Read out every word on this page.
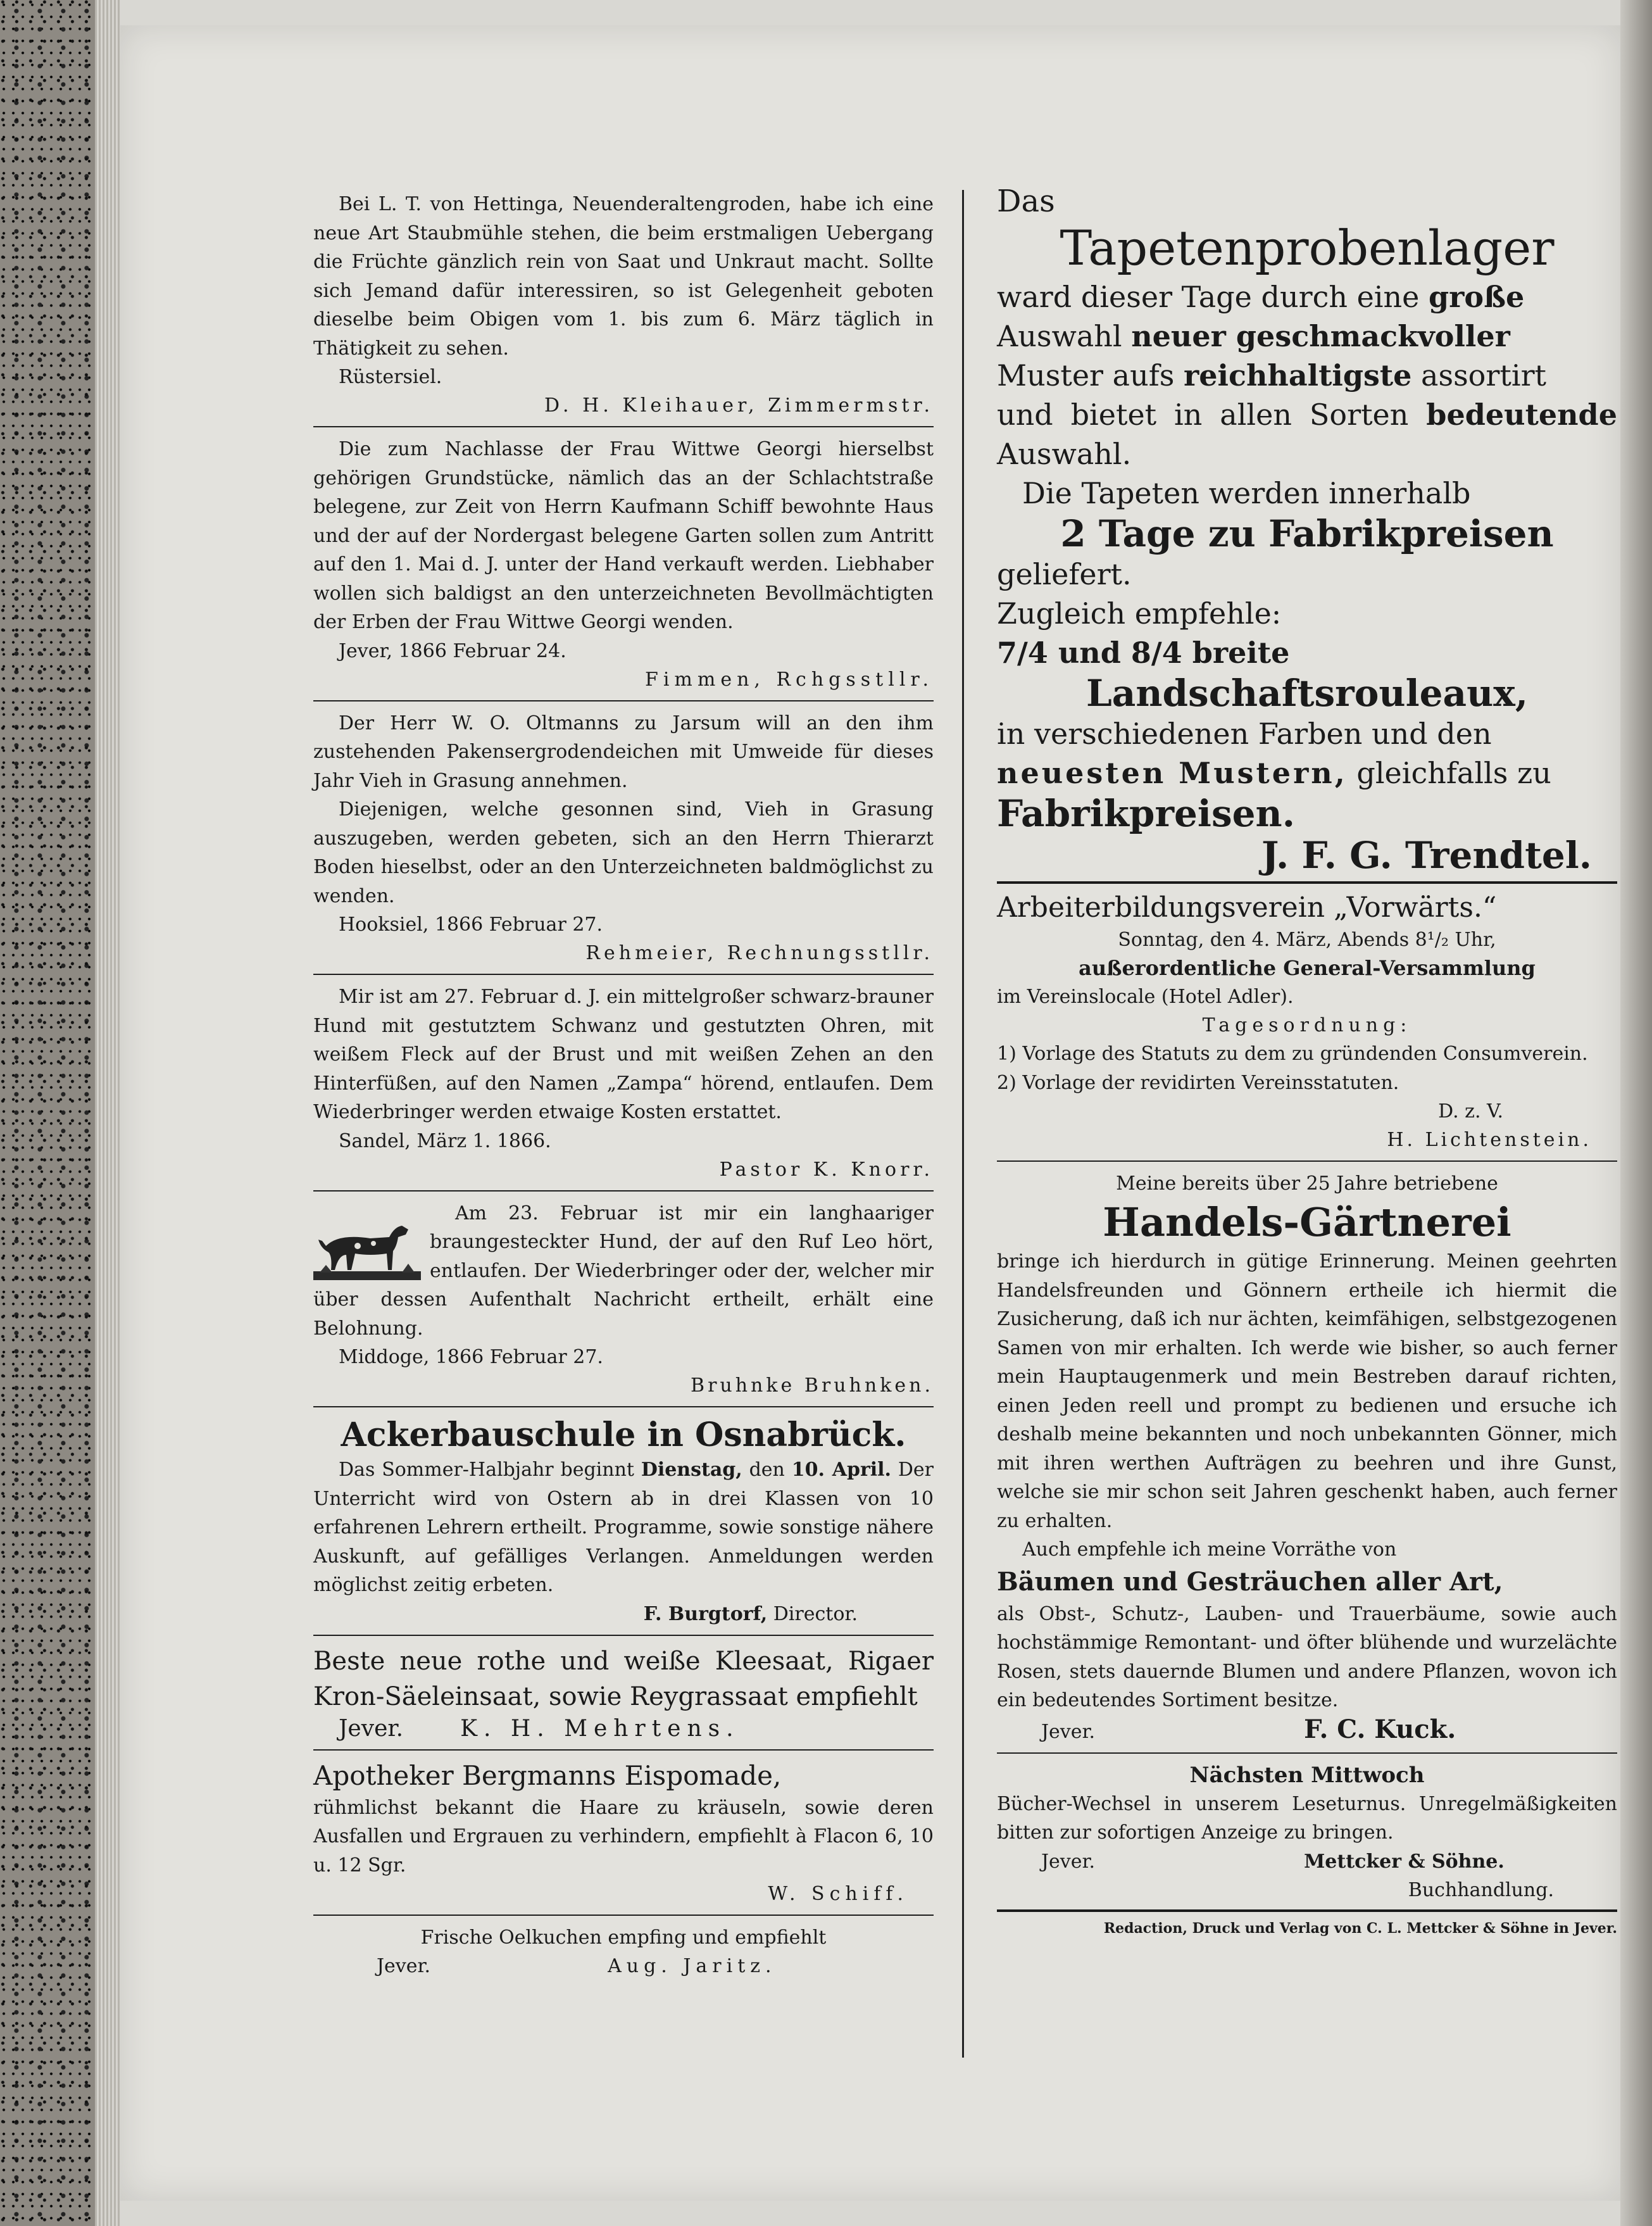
Bei L. T. von Hettinga, Neuenderaltengroden, habe ich eine neue Art Staubmühle stehen, die beim erstmaligen Uebergang die Früchte gänzlich rein von Saat und Unkraut macht. Sollte sich Jemand dafür interessiren, so ist Gelegenheit geboten dieselbe beim Obigen vom 1. bis zum 6. März täglich in Thätigkeit zu sehen.

Rüstersiel.

D. H. Kleihauer, Zimmermstr.

Die zum Nachlasse der Frau Wittwe Georgi hierselbst gehörigen Grundstücke, nämlich das an der Schlachtstraße belegene, zur Zeit von Herrn Kaufmann Schiff bewohnte Haus und der auf der Nordergast belegene Garten sollen zum Antritt auf den 1. Mai d. J. unter der Hand verkauft werden. Liebhaber wollen sich baldigst an den unterzeichneten Bevollmächtigten der Erben der Frau Wittwe Georgi wenden.

Jever, 1866 Februar 24.

Fimmen, Rchgsstllr.

Der Herr W. O. Oltmanns zu Jarsum will an den ihm zustehenden Pakensergrodendeichen mit Umweide für dieses Jahr Vieh in Grasung annehmen.

Diejenigen, welche gesonnen sind, Vieh in Grasung auszugeben, werden gebeten, sich an den Herrn Thierarzt Boden hieselbst, oder an den Unterzeichneten baldmöglichst zu wenden.

Hooksiel, 1866 Februar 27.

Rehmeier, Rechnungsstllr.

Mir ist am 27. Februar d. J. ein mittelgroßer schwarz-brauner Hund mit gestutztem Schwanz und gestutzten Ohren, mit weißem Fleck auf der Brust und mit weißen Zehen an den Hinterfüßen, auf den Namen „Zampa“ hörend, entlaufen. Dem Wiederbringer werden etwaige Kosten erstattet.

Sandel, März 1. 1866.

Pastor K. Knorr.

Am 23. Februar ist mir ein langhaariger braungesteckter Hund, der auf den Ruf Leo hört, entlaufen. Der Wiederbringer oder der, welcher mir über dessen Aufenthalt Nachricht ertheilt, erhält eine Belohnung.

Middoge, 1866 Februar 27.

Bruhnke Bruhnken.

Ackerbauschule in Osnabrück.

Das Sommer-Halbjahr beginnt Dienstag, den 10. April. Der Unterricht wird von Ostern ab in drei Klassen von 10 erfahrenen Lehrern ertheilt. Programme, sowie sonstige nähere Auskunft, auf gefälliges Verlangen. Anmeldungen werden möglichst zeitig erbeten.

F. Burgtorf, Director.

Beste neue rothe und weiße Kleesaat, Rigaer Kron-Säeleinsaat, sowie Reygrassaat empfiehlt

Jever.	K. H. Mehrtens.

Apotheker Bergmanns Eispomade,

rühmlichst bekannt die Haare zu kräuseln, sowie deren Ausfallen und Ergrauen zu verhindern, empfiehlt à Flacon 6, 10 u. 12 Sgr.

W. Schiff.

Frische Oelkuchen empfing und empfiehlt

Jever.	Aug. Jaritz.

Das

Tapetenprobenlager

ward dieser Tage durch eine große

Auswahl neuer geschmackvoller

Muster aufs reichhaltigste assortirt

und bietet in allen Sorten bedeutende Auswahl.

Die Tapeten werden innerhalb

2 Tage zu Fabrikpreisen

geliefert.

Zugleich empfehle:

7/4 und 8/4 breite

Landschaftsrouleaux,

in verschiedenen Farben und den

neuesten Mustern, gleichfalls zu

Fabrikpreisen.

J. F. G. Trendtel.

Arbeiterbildungsverein „Vorwärts.“

Sonntag, den 4. März, Abends 8¹/₂ Uhr,

außerordentliche General-Versammlung

im Vereinslocale (Hotel Adler).

Tagesordnung:

1) Vorlage des Statuts zu dem zu gründenden Consumverein.

2) Vorlage der revidirten Vereinsstatuten.

D. z. V.

H. Lichtenstein.

Meine bereits über 25 Jahre betriebene

Handels-Gärtnerei

bringe ich hierdurch in gütige Erinnerung. Meinen geehrten Handelsfreunden und Gönnern ertheile ich hiermit die Zusicherung, daß ich nur ächten, keimfähigen, selbstgezogenen Samen von mir erhalten. Ich werde wie bisher, so auch ferner mein Hauptaugenmerk und mein Bestreben darauf richten, einen Jeden reell und prompt zu bedienen und ersuche ich deshalb meine bekannten und noch unbekannten Gönner, mich mit ihren werthen Aufträgen zu beehren und ihre Gunst, welche sie mir schon seit Jahren geschenkt haben, auch ferner zu erhalten.

Auch empfehle ich meine Vorräthe von

Bäumen und Gesträuchen aller Art,

als Obst-, Schutz-, Lauben- und Trauerbäume, sowie auch hochstämmige Remontant- und öfter blühende und wurzelächte Rosen, stets dauernde Blumen und andere Pflanzen, wovon ich ein bedeutendes Sortiment besitze.

Jever.	F. C. Kuck.

Nächsten Mittwoch

Bücher-Wechsel in unserem Leseturnus. Unregelmäßigkeiten bitten zur sofortigen Anzeige zu bringen.

Jever.	Mettcker & Söhne.

Buchhandlung.

Redaction, Druck und Verlag von C. L. Mettcker & Söhne in Jever.
